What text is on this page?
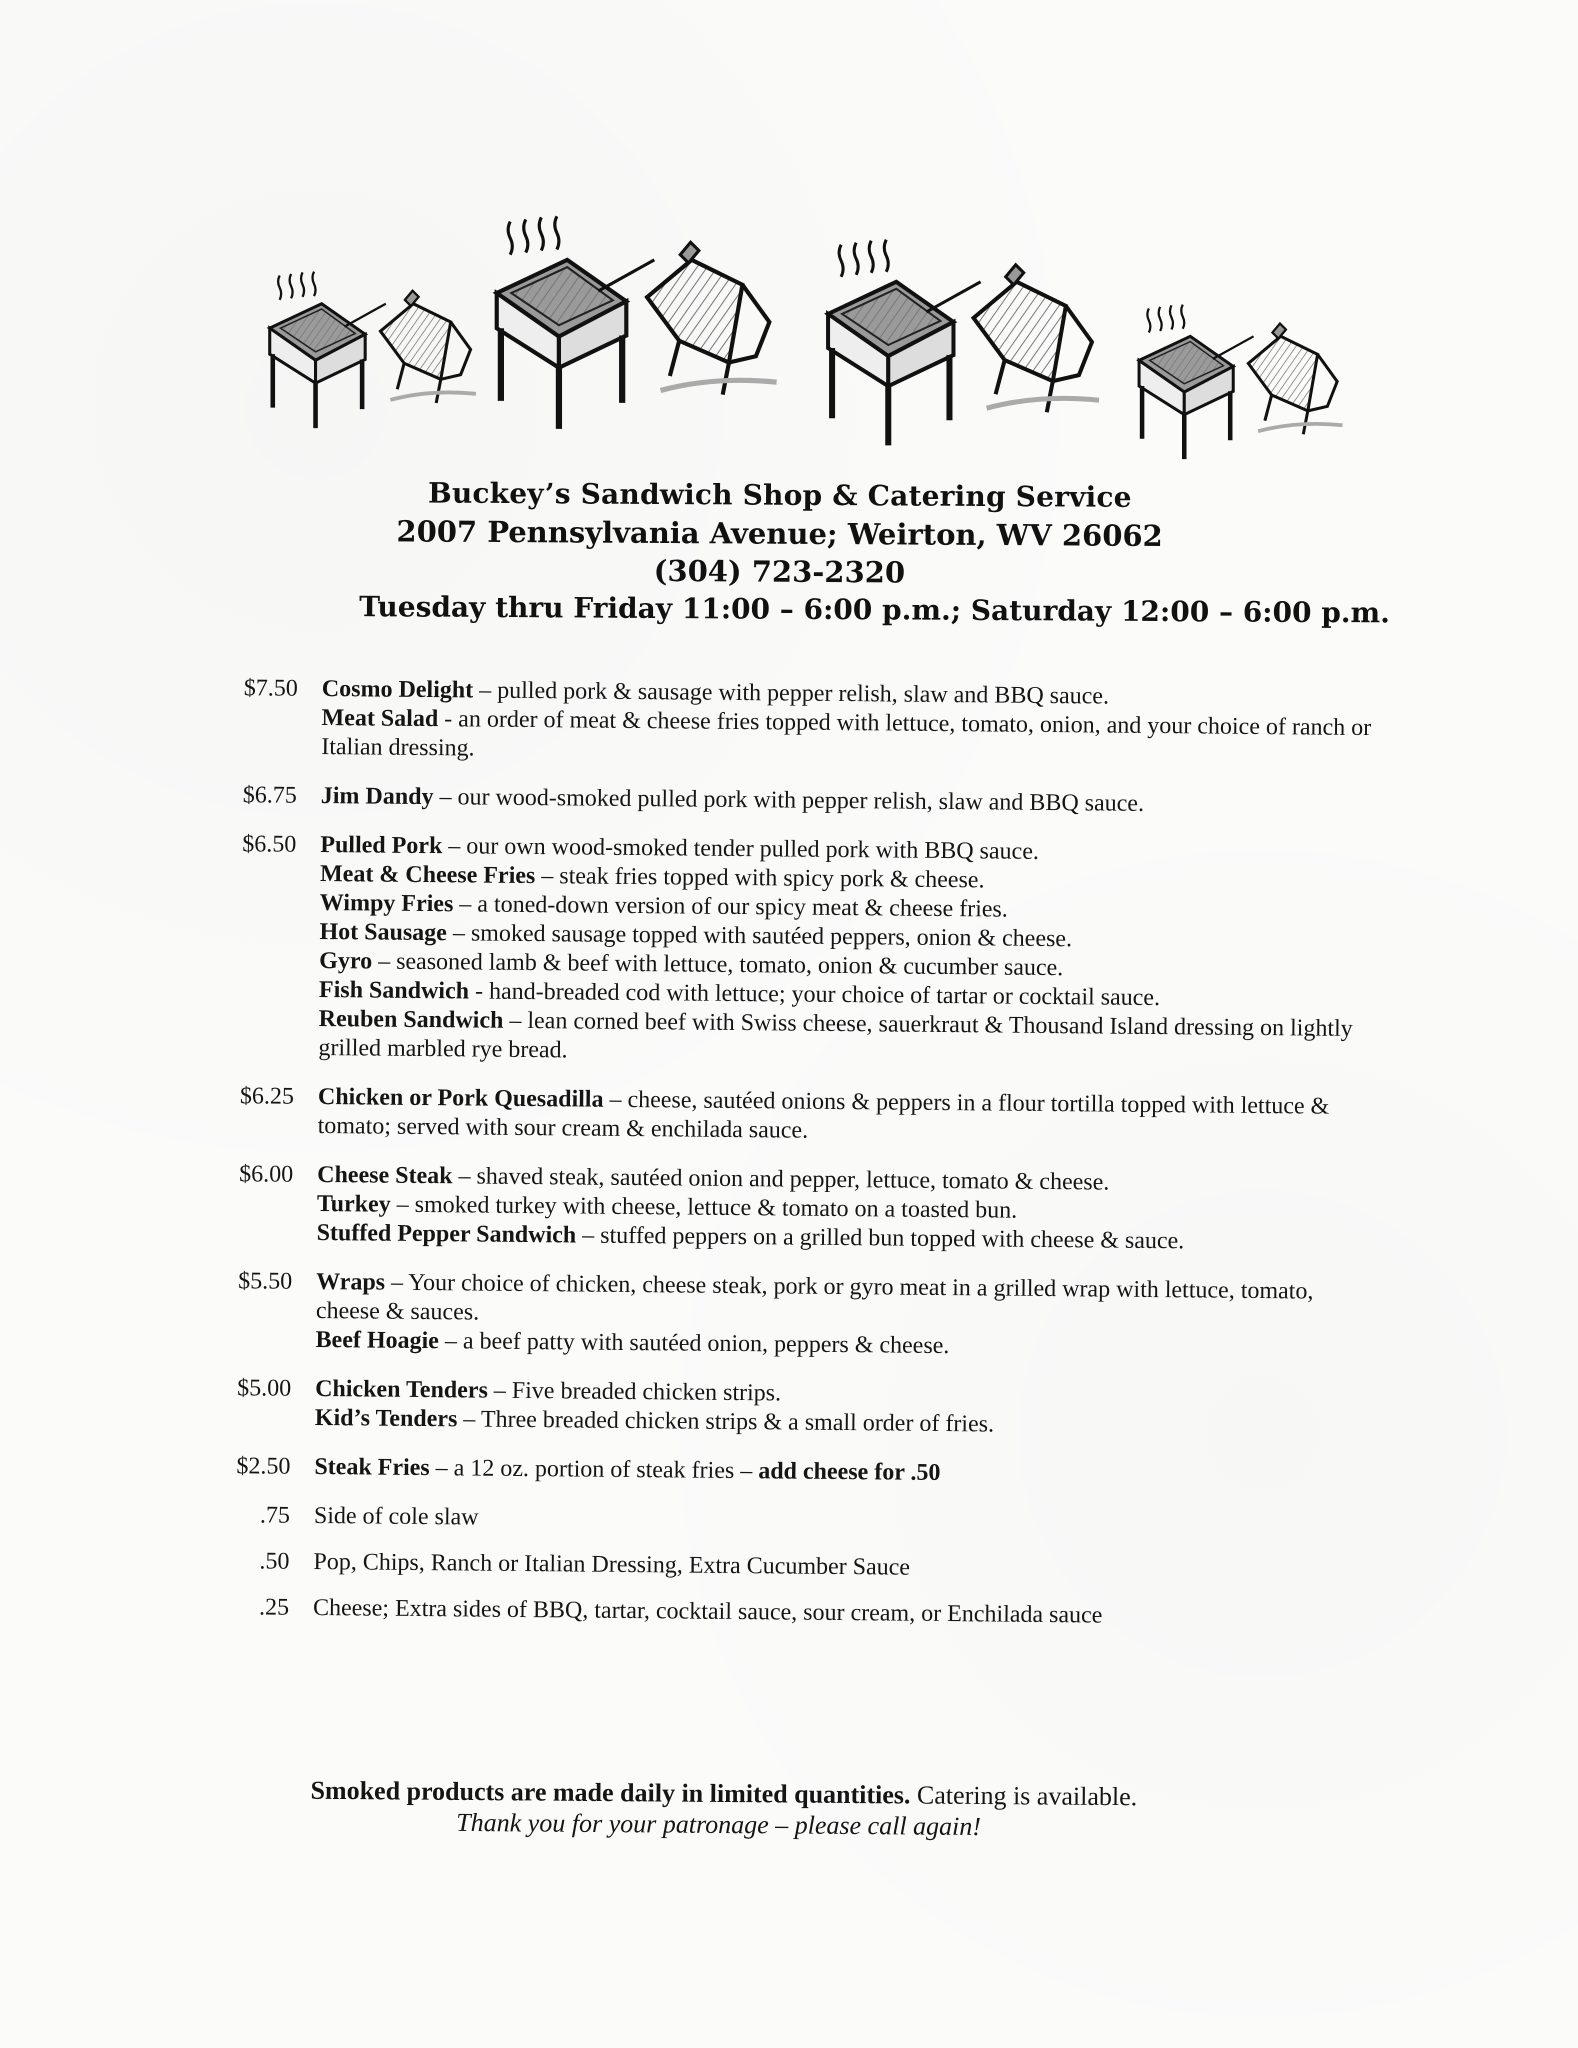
Buckey’s Sandwich Shop & Catering Service
2007 Pennsylvania Avenue; Weirton, WV 26062
(304) 723-2320
Tuesday thru Friday 11:00 – 6:00 p.m.; Saturday 12:00 – 6:00 p.m.
$7.50 Cosmo Delight – pulled pork & sausage with pepper relish, slaw and BBQ sauce.
Meat Salad - an order of meat & cheese fries topped with lettuce, tomato, onion, and your choice of ranch or Italian dressing.
$6.75 Jim Dandy – our wood-smoked pulled pork with pepper relish, slaw and BBQ sauce.
$6.50 Pulled Pork – our own wood-smoked tender pulled pork with BBQ sauce.
Meat & Cheese Fries – steak fries topped with spicy pork & cheese.
Wimpy Fries – a toned-down version of our spicy meat & cheese fries.
Hot Sausage – smoked sausage topped with sautéed peppers, onion & cheese.
Gyro – seasoned lamb & beef with lettuce, tomato, onion & cucumber sauce.
Fish Sandwich - hand-breaded cod with lettuce; your choice of tartar or cocktail sauce.
Reuben Sandwich – lean corned beef with Swiss cheese, sauerkraut & Thousand Island dressing on lightly grilled marbled rye bread.
$6.25 Chicken or Pork Quesadilla – cheese, sautéed onions & peppers in a flour tortilla topped with lettuce & tomato; served with sour cream & enchilada sauce.
$6.00 Cheese Steak – shaved steak, sautéed onion and pepper, lettuce, tomato & cheese.
Turkey – smoked turkey with cheese, lettuce & tomato on a toasted bun.
Stuffed Pepper Sandwich – stuffed peppers on a grilled bun topped with cheese & sauce.
$5.50 Wraps – Your choice of chicken, cheese steak, pork or gyro meat in a grilled wrap with lettuce, tomato, cheese & sauces.
Beef Hoagie – a beef patty with sautéed onion, peppers & cheese.
$5.00 Chicken Tenders – Five breaded chicken strips.
Kid’s Tenders – Three breaded chicken strips & a small order of fries.
$2.50 Steak Fries – a 12 oz. portion of steak fries – add cheese for .50
.75 Side of cole slaw
.50 Pop, Chips, Ranch or Italian Dressing, Extra Cucumber Sauce
.25 Cheese; Extra sides of BBQ, tartar, cocktail sauce, sour cream, or Enchilada sauce
Smoked products are made daily in limited quantities. Catering is available.
Thank you for your patronage – please call again!
